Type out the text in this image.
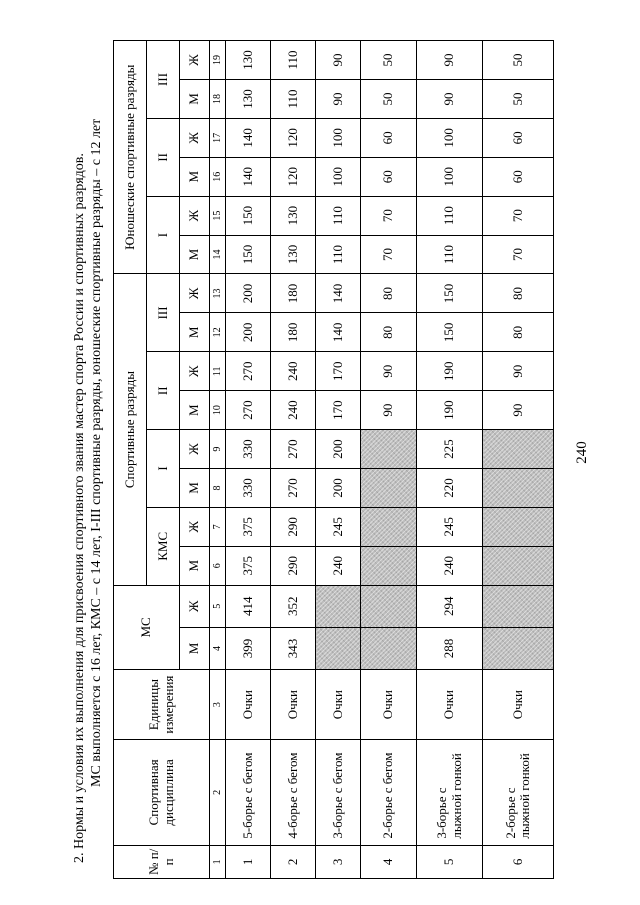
240
2. Нормы и условия их выполнения для присвоения спортивного звания мастер спорта России и спортивных разрядов. МС выполняется с 16 лет, КМС – с 14 лет, I-III спортивные разряды, юношеские спортивные разряды – с 12 лет
№ п/п	Спортивная дисциплина	Единицы измерения	МС		Спортивные разряды								Юношеские спортивные разряды					
					КМС		I		II		III		I		II		III	
			М	Ж	М	Ж	М	Ж	М	Ж	М	Ж	М	Ж	М	Ж	М	Ж
1	2	3	4	5	6	7	8	9	10	11	12	13	14	15	16	17	18	19
1	5-борье с бегом	Очки	399	414	375	375	330	330	270	270	200	200	150	150	140	140	130	130
2	4-борье с бегом	Очки	343	352	290	290	270	270	240	240	180	180	130	130	120	120	110	110
3	3-борье с бегом	Очки			240	245	200	200	170	170	140	140	110	110	100	100	90	90
4	2-борье с бегом	Очки							90	90	80	80	70	70	60	60	50	50
5	3-борье с лыжной гонкой	Очки	288	294	240	245	220	225	190	190	150	150	110	110	100	100	90	90
6	2-борье с лыжной гонкой	Очки							90	90	80	80	70	70	60	60	50	50
